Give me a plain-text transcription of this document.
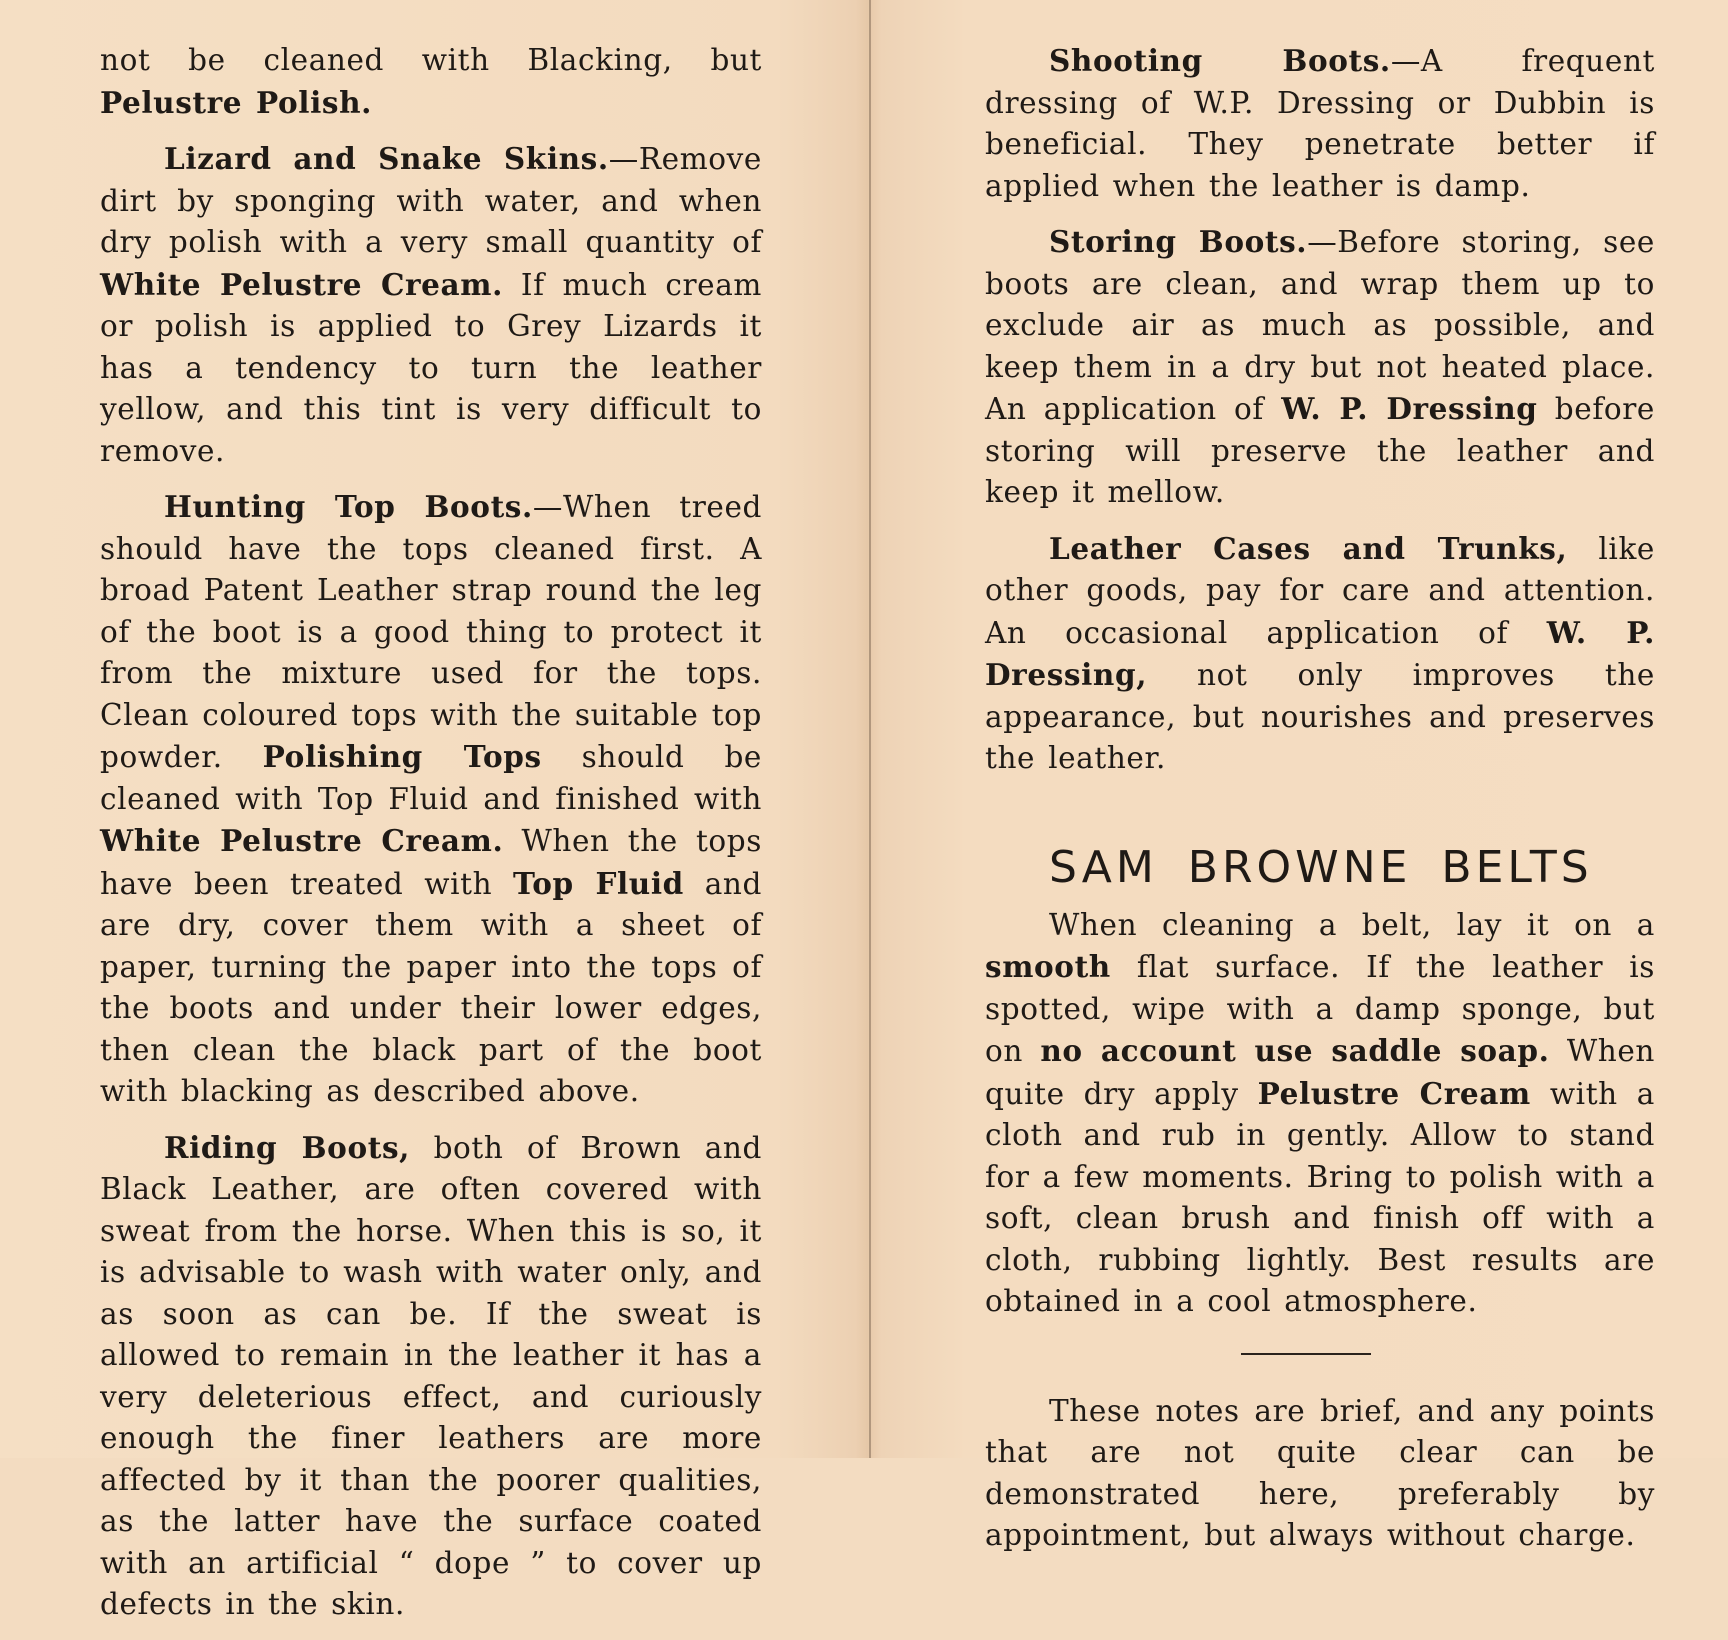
not be cleaned with Blacking, but Pelustre Polish.

Lizard and Snake Skins.—Remove dirt by sponging with water, and when dry polish with a very small quantity of White Pelustre Cream. If much cream or polish is applied to Grey Lizards it has a tendency to turn the leather yellow, and this tint is very difficult to remove.

Hunting Top Boots.—When treed should have the tops cleaned first. A broad Patent Leather strap round the leg of the boot is a good thing to protect it from the mixture used for the tops. Clean coloured tops with the suitable top powder. Polishing Tops should be cleaned with Top Fluid and finished with White Pelustre Cream. When the tops have been treated with Top Fluid and are dry, cover them with a sheet of paper, turning the paper into the tops of the boots and under their lower edges, then clean the black part of the boot with blacking as described above.

Riding Boots, both of Brown and Black Leather, are often covered with sweat from the horse. When this is so, it is advisable to wash with water only, and as soon as can be. If the sweat is allowed to remain in the leather it has a very deleterious effect, and curiously enough the finer leathers are more affected by it than the poorer qualities, as the latter have the surface coated with an artificial “ dope ” to cover up defects in the skin.

Shooting Boots.—A frequent dressing of W.P. Dressing or Dubbin is beneficial. They penetrate better if applied when the leather is damp.

Storing Boots.—Before storing, see boots are clean, and wrap them up to exclude air as much as possible, and keep them in a dry but not heated place. An application of W. P. Dressing before storing will preserve the leather and keep it mellow.

Leather Cases and Trunks, like other goods, pay for care and attention. An occasional application of W. P. Dressing, not only improves the appearance, but nourishes and preserves the leather.

SAM BROWNE BELTS

When cleaning a belt, lay it on a smooth flat surface. If the leather is spotted, wipe with a damp sponge, but on no account use saddle soap. When quite dry apply Pelustre Cream with a cloth and rub in gently. Allow to stand for a few moments. Bring to polish with a soft, clean brush and finish off with a cloth, rubbing lightly. Best results are obtained in a cool atmosphere.

These notes are brief, and any points that are not quite clear can be demonstrated here, preferably by appointment, but always without charge.
